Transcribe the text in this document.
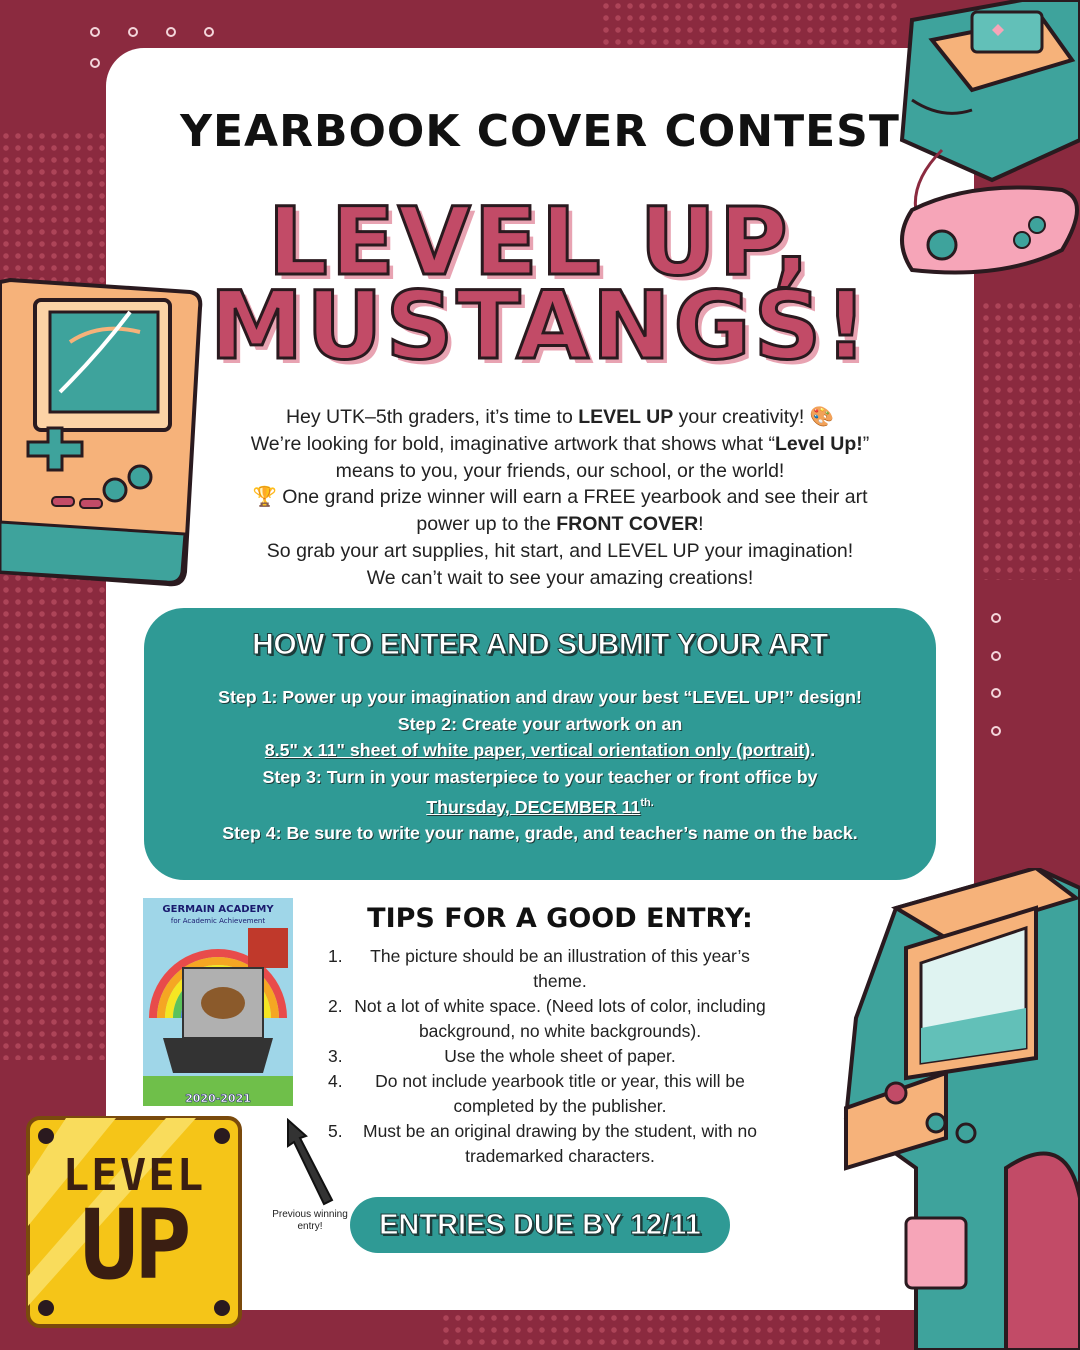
YEARBOOK COVER CONTEST
LEVEL UP,
MUSTANGS!
Hey UTK–5th graders, it’s time to LEVEL UP your creativity! 🎨
We’re looking for bold, imaginative artwork that shows what “Level Up!” means to you, your friends, our school, or the world!
🏆 One grand prize winner will earn a FREE yearbook and see their art power up to the FRONT COVER!
So grab your art supplies, hit start, and LEVEL UP your imagination!
We can’t wait to see your amazing creations!
HOW TO ENTER AND SUBMIT YOUR ART
Step 1: Power up your imagination and draw your best “LEVEL UP!” design!
Step 2: Create your artwork on an
8.5" x 11" sheet of white paper, vertical orientation only (portrait).
Step 3: Turn in your masterpiece to your teacher or front office by
Thursday, DECEMBER $11^{th.}$
Step 4: Be sure to write your name, grade, and teacher’s name on the back.
GERMAIN ACADEMY
for Academic Achievement
2020-2021
Previous winning entry!
TIPS FOR A GOOD ENTRY:
1. The picture should be an illustration of this year’s theme.
2. Not a lot of white space. (Need lots of color, including background, no white backgrounds).
3.	Use the whole sheet of paper.
4. Do not include yearbook title or year, this will be completed by the publisher.
5. Must be an original drawing by the student, with no trademarked characters.
ENTRIES DUE BY 12/11
LEVEL
UP
